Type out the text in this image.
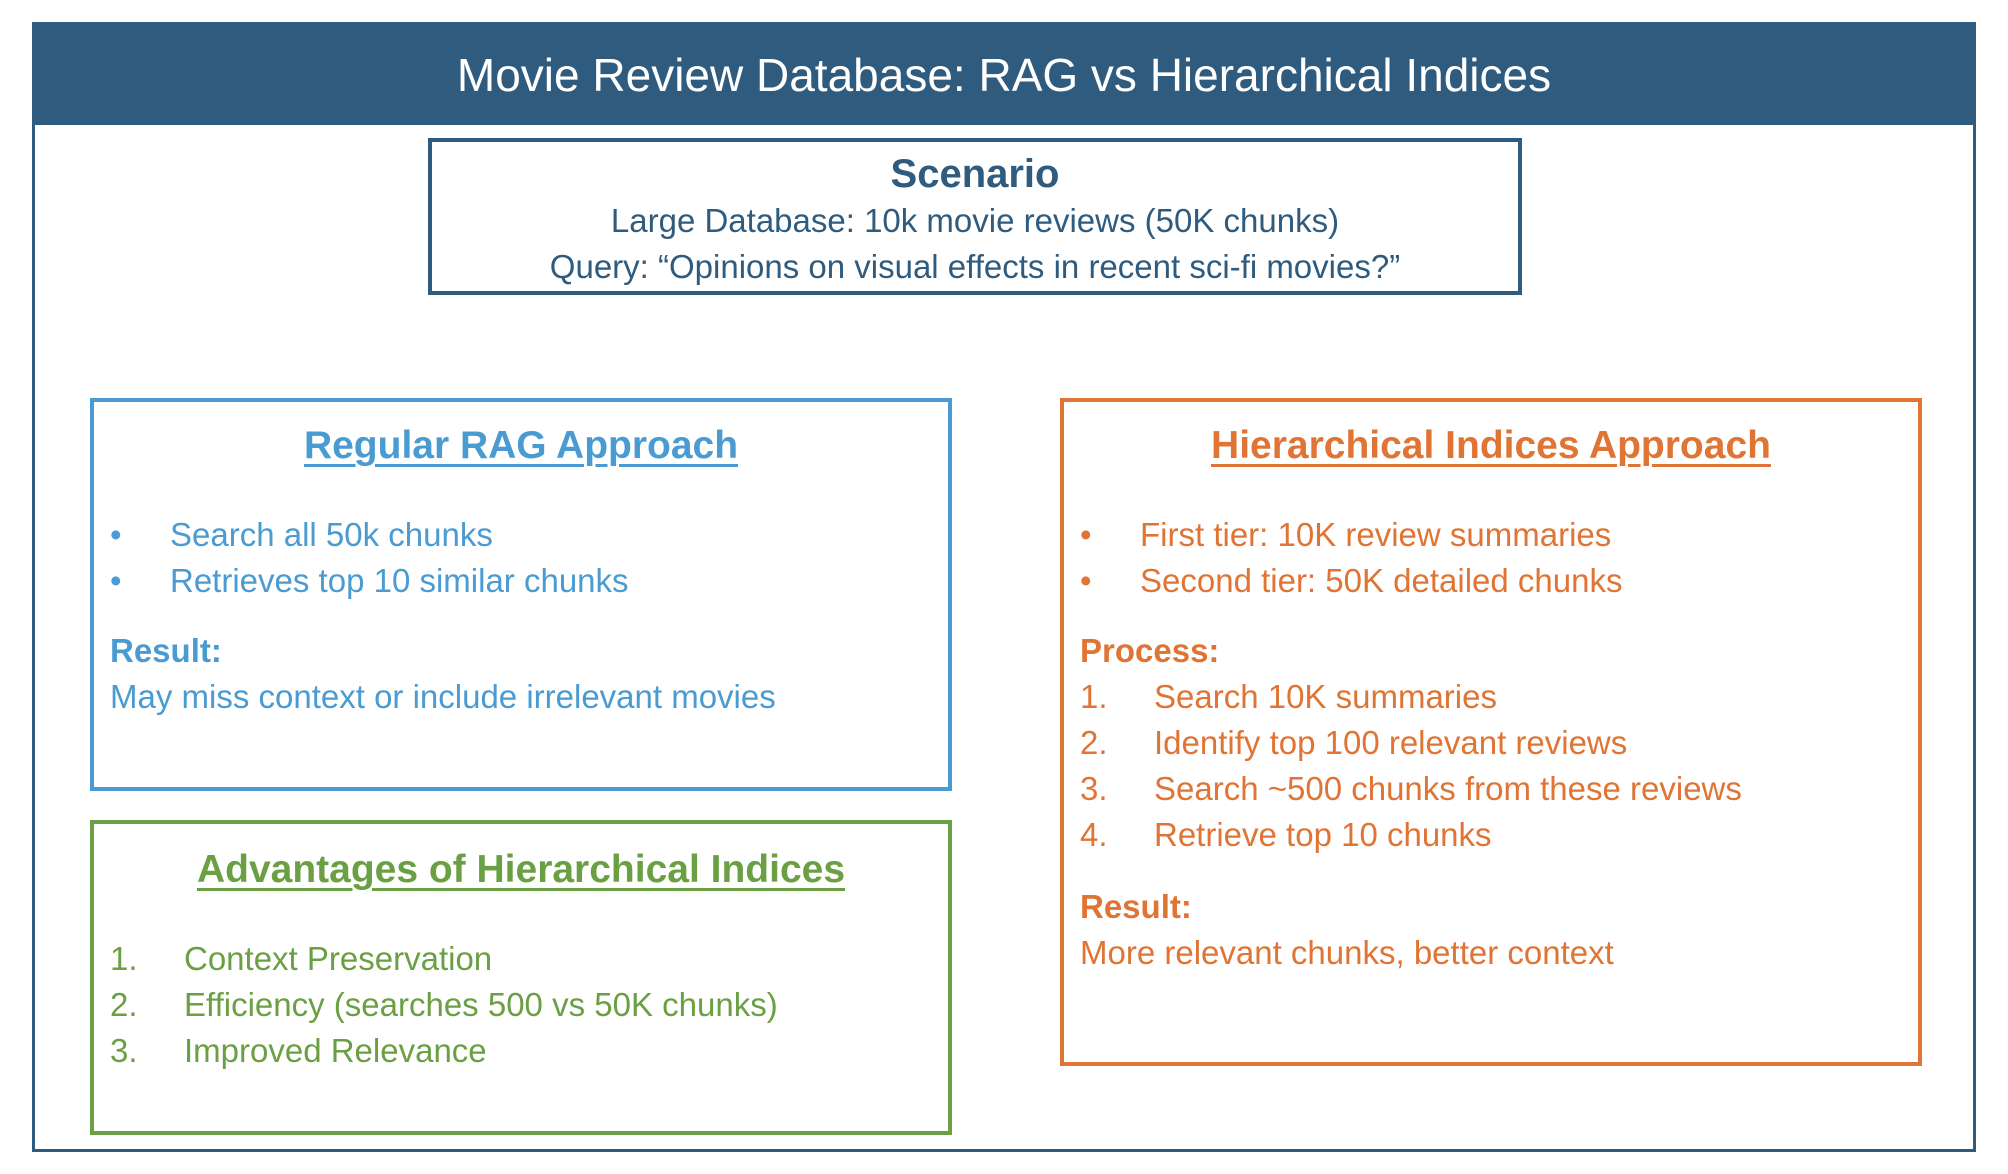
Movie Review Database: RAG vs Hierarchical Indices
Scenario

Large Database: 10k movie reviews (50K chunks)

Query: “Opinions on visual effects in recent sci-fi movies?”

Regular RAG Approach
•	Search all 50k chunks
•	Retrieves top 10 similar chunks
Result:
May miss context or include irrelevant movies
Advantages of Hierarchical Indices
1.	Context Preservation
2.	Efficiency (searches 500 vs 50K chunks)
3.	Improved Relevance
Hierarchical Indices Approach
•	First tier: 10K review summaries
•	Second tier: 50K detailed chunks
Process:
1.	Search 10K summaries
2.	Identify top 100 relevant reviews
3.	Search ~500 chunks from these reviews
4.	Retrieve top 10 chunks
Result:
More relevant chunks, better context
